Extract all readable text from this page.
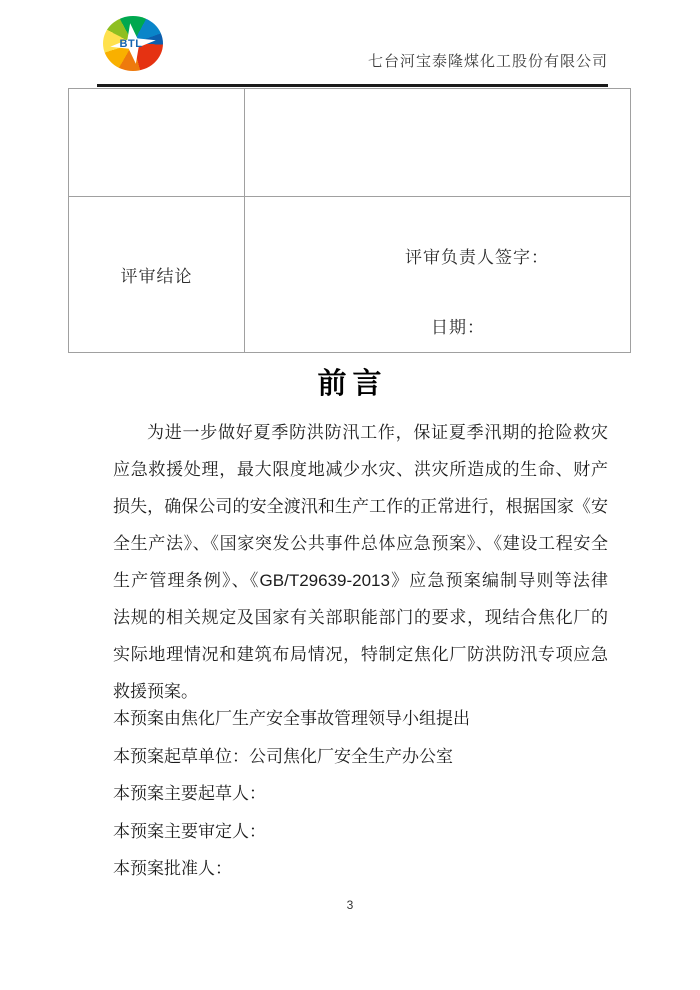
BTL
七台河宝泰隆煤化工股份有限公司
评审结论
评审负责人签字：
日期：
前言
为进一步做好夏季防洪防汛工作，保证夏季汛期的抢险救灾
应急救援处理，最大限度地减少水灾、洪灾所造成的生命、财产
损失，确保公司的安全渡汛和生产工作的正常进行，根据国家《安
全生产法》、《国家突发公共事件总体应急预案》、《建设工程安全
生产管理条例》、《GB/T29639-2013》应急预案编制导则等法律
法规的相关规定及国家有关部职能部门的要求，现结合焦化厂的
实际地理情况和建筑布局情况，特制定焦化厂防洪防汛专项应急
救援预案。
本预案由焦化厂生产安全事故管理领导小组提出
本预案起草单位：公司焦化厂安全生产办公室
本预案主要起草人：
本预案主要审定人：
本预案批准人：
3
